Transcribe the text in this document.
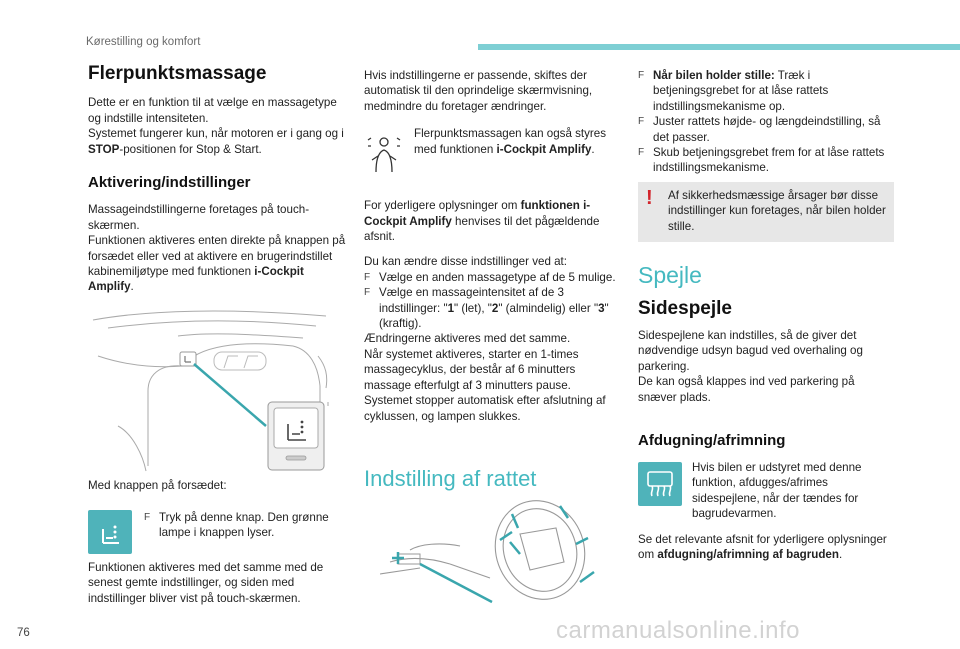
Kørestilling og komfort
Flerpunktsmassage

Dette er en funktion til at vælge en massagetype og indstille intensiteten.
Systemet fungerer kun, når motoren er i gang og i STOP-positionen for Stop & Start.

Aktivering/indstillinger

Massageindstillingerne foretages på touch-skærmen.
Funktionen aktiveres enten direkte på knappen på forsædet eller ved at aktivere en brugerindstillet kabinemiljøtype med funktionen i-Cockpit Amplify.

Med knappen på forsædet:
F Tryk på denne knap. Den grønne lampe i knappen lyser.
Funktionen aktiveres med det samme med de senest gemte indstillinger, og siden med indstillinger bliver vist på touch-skærmen.

Hvis indstillingerne er passende, skiftes der automatisk til den oprindelige skærmvisning, medmindre du foretager ændringer.

Flerpunktsmassagen kan også styres med funktionen i-Cockpit Amplify.

For yderligere oplysninger om funktionen i-Cockpit Amplify henvises til det pågældende afsnit.

Du kan ændre disse indstillinger ved at:
F Vælge en anden massagetype af de 5 mulige.
F Vælge en massageintensitet af de 3 indstillinger: "1" (let), "2" (almindelig) eller "3" (kraftig).
Ændringerne aktiveres med det samme.
Når systemet aktiveres, starter en 1-times massagecyklus, der består af 6 minutters massage efterfulgt af 3 minutters pause.
Systemet stopper automatisk efter afslutning af cyklussen, og lampen slukkes.
Indstilling af rattet
F Når bilen holder stille: Træk i betjeningsgrebet for at låse rattets indstillingsmekanisme op.
F Juster rattets højde- og længdeindstilling, så det passer.
F Skub betjeningsgrebet frem for at låse rattets indstillingsmekanisme.
! Af sikkerhedsmæssige årsager bør disse indstillinger kun foretages, når bilen holder stille.
Spejle
Sidespejle
Sidespejlene kan indstilles, så de giver det nødvendige udsyn bagud ved overhaling og parkering.
De kan også klappes ind ved parkering på snæver plads.
Afdugning/afrimning
Hvis bilen er udstyret med denne funktion, afdugges/afrimes sidespejlene, når der tændes for bagrudevarmen.
Se det relevante afsnit for yderligere oplysninger om afdugning/afrimning af bagruden.
76	carmanualsonline.info
